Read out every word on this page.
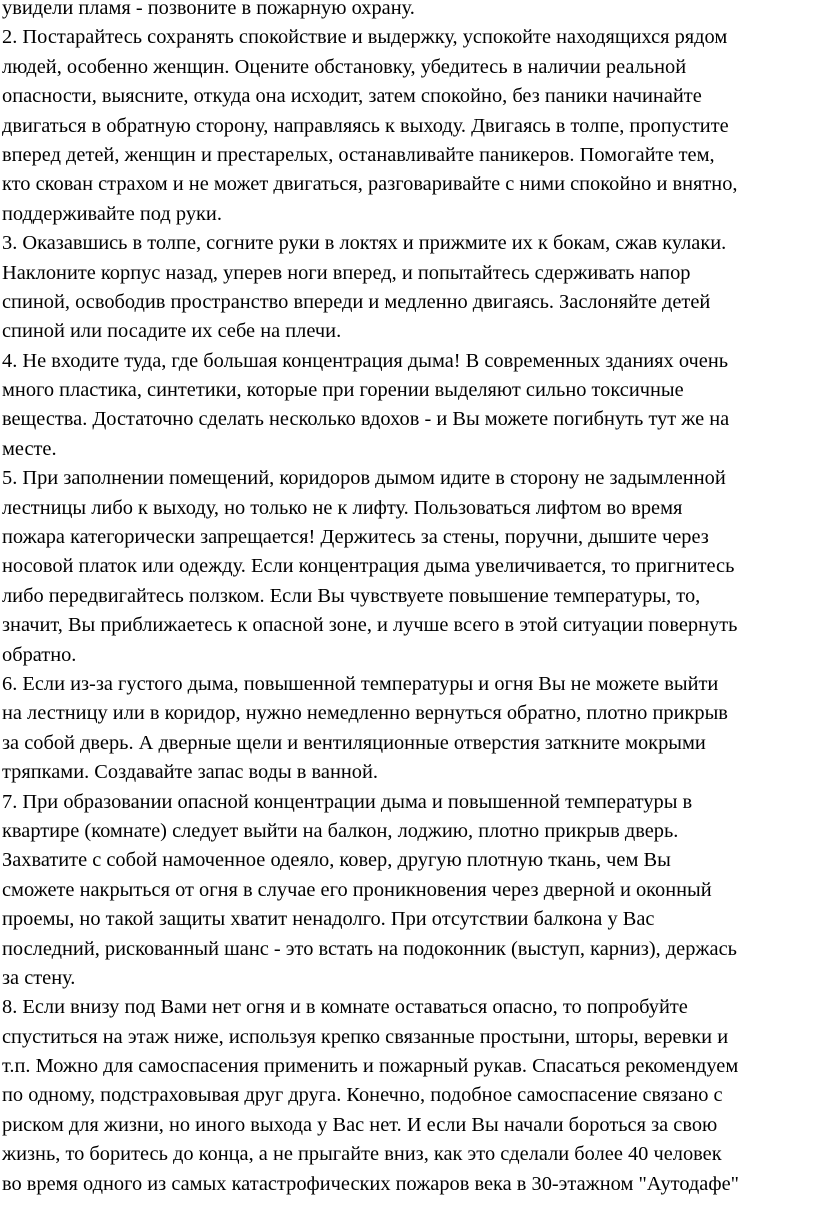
увидели пламя - позвоните в пожарную охрану.
2. Постарайтесь сохранять спокойствие и выдержку, успокойте находящихся рядом
людей, особенно женщин. Оцените обстановку, убедитесь в наличии реальной
опасности, выясните, откуда она исходит, затем спокойно, без паники начинайте
двигаться в обратную сторону, направляясь к выходу. Двигаясь в толпе, пропустите
вперед детей, женщин и престарелых, останавливайте паникеров. Помогайте тем,
кто скован страхом и не может двигаться, разговаривайте с ними спокойно и внятно,
поддерживайте под руки.
3. Оказавшись в толпе, согните руки в локтях и прижмите их к бокам, сжав кулаки.
Наклоните корпус назад, уперев ноги вперед, и попытайтесь сдерживать напор
спиной, освободив пространство впереди и медленно двигаясь. Заслоняйте детей
спиной или посадите их себе на плечи.
4. Не входите туда, где большая концентрация дыма! В современных зданиях очень
много пластика, синтетики, которые при горении выделяют сильно токсичные
вещества. Достаточно сделать несколько вдохов - и Вы можете погибнуть тут же на
месте.
5. При заполнении помещений, коридоров дымом идите в сторону не задымленной
лестницы либо к выходу, но только не к лифту. Пользоваться лифтом во время
пожара категорически запрещается! Держитесь за стены, поручни, дышите через
носовой платок или одежду. Если концентрация дыма увеличивается, то пригнитесь
либо передвигайтесь ползком. Если Вы чувствуете повышение температуры, то,
значит, Вы приближаетесь к опасной зоне, и лучше всего в этой ситуации повернуть
обратно.
6. Если из-за густого дыма, повышенной температуры и огня Вы не можете выйти
на лестницу или в коридор, нужно немедленно вернуться обратно, плотно прикрыв
за собой дверь. А дверные щели и вентиляционные отверстия заткните мокрыми
тряпками. Создавайте запас воды в ванной.
7. При образовании опасной концентрации дыма и повышенной температуры в
квартире (комнате) следует выйти на балкон, лоджию, плотно прикрыв дверь.
Захватите с собой намоченное одеяло, ковер, другую плотную ткань, чем Вы
сможете накрыться от огня в случае его проникновения через дверной и оконный
проемы, но такой защиты хватит ненадолго. При отсутствии балкона у Вас
последний, рискованный шанс - это встать на подоконник (выступ, карниз), держась
за стену.
8. Если внизу под Вами нет огня и в комнате оставаться опасно, то попробуйте
спуститься на этаж ниже, используя крепко связанные простыни, шторы, веревки и
т.п. Можно для самоспасения применить и пожарный рукав. Спасаться рекомендуем
по одному, подстраховывая друг друга. Конечно, подобное самоспасение связано с
риском для жизни, но иного выхода у Вас нет. И если Вы начали бороться за свою
жизнь, то боритесь до конца, а не прыгайте вниз, как это сделали более 40 человек
во время одного из самых катастрофических пожаров века в 30-этажном "Аутодафе"
